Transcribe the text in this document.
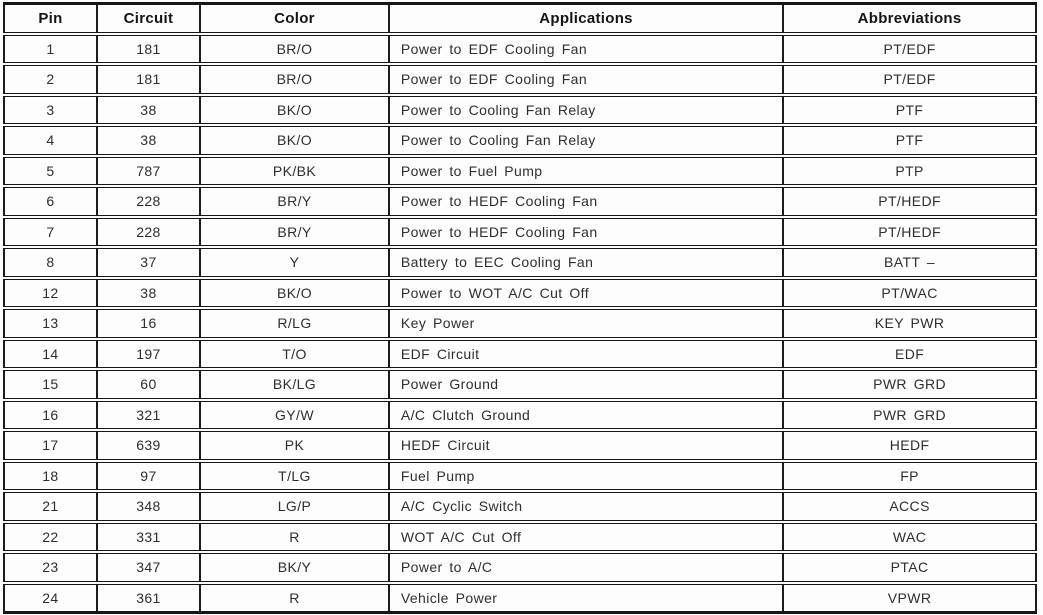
Pin	Circuit	Color	Applications	Abbreviations
1	181	BR/O	Power to EDF Cooling Fan	PT/EDF
2	181	BR/O	Power to EDF Cooling Fan	PT/EDF
3	38	BK/O	Power to Cooling Fan Relay	PTF
4	38	BK/O	Power to Cooling Fan Relay	PTF
5	787	PK/BK	Power to Fuel Pump	PTP
6	228	BR/Y	Power to HEDF Cooling Fan	PT/HEDF
7	228	BR/Y	Power to HEDF Cooling Fan	PT/HEDF
8	37	Y	Battery to EEC Cooling Fan	BATT –
12	38	BK/O	Power to WOT A/C Cut Off	PT/WAC
13	16	R/LG	Key Power	KEY PWR
14	197	T/O	EDF Circuit	EDF
15	60	BK/LG	Power Ground	PWR GRD
16	321	GY/W	A/C Clutch Ground	PWR GRD
17	639	PK	HEDF Circuit	HEDF
18	97	T/LG	Fuel Pump	FP
21	348	LG/P	A/C Cyclic Switch	ACCS
22	331	R	WOT A/C Cut Off	WAC
23	347	BK/Y	Power to A/C	PTAC
24	361	R	Vehicle Power	VPWR
